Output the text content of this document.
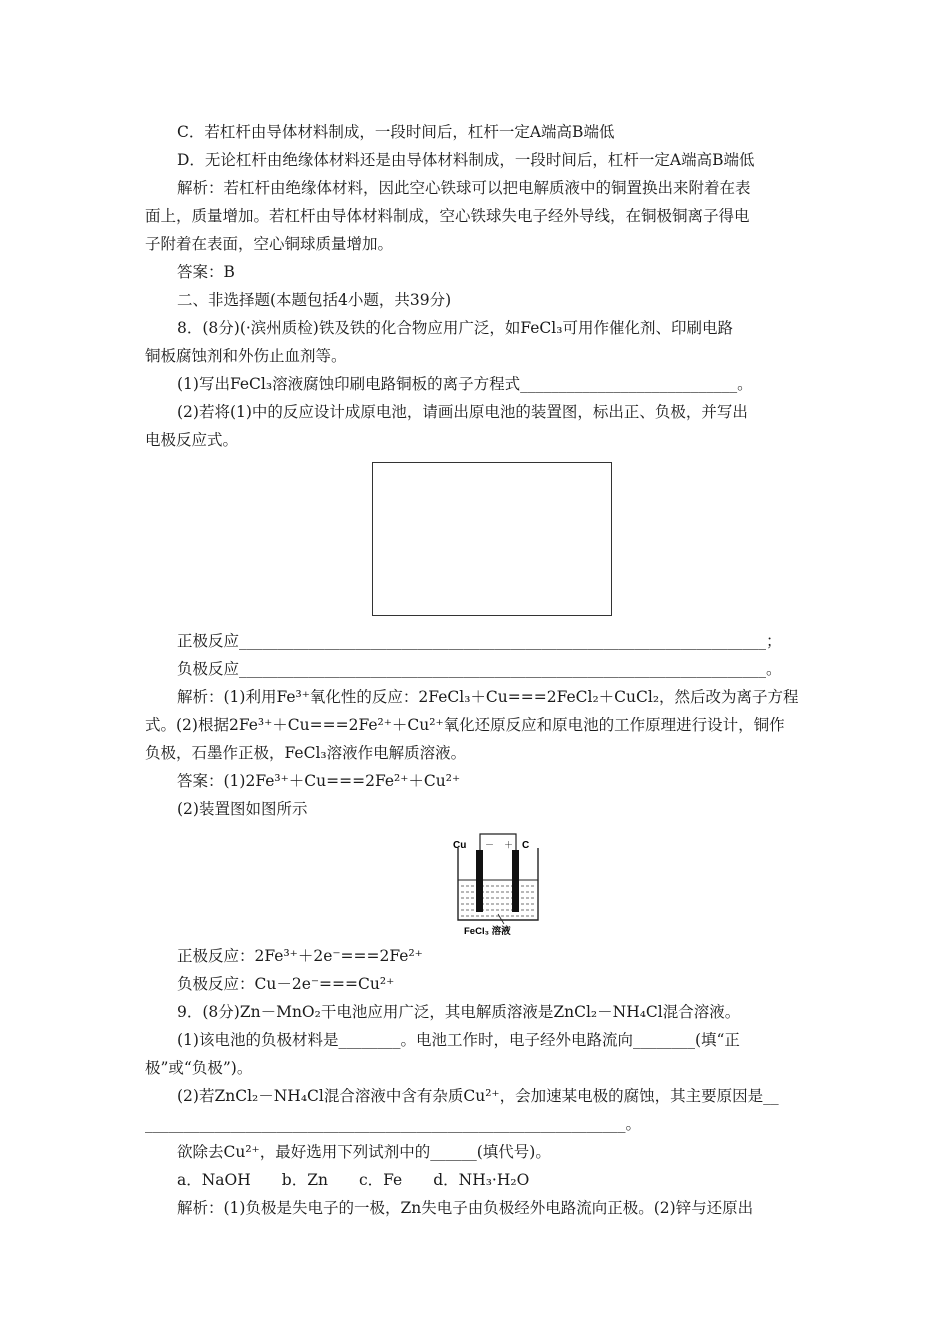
C．若杠杆由导体材料制成，一段时间后，杠杆一定A端高B端低
D．无论杠杆由绝缘体材料还是由导体材料制成，一段时间后，杠杆一定A端高B端低
解析：若杠杆由绝缘体材料，因此空心铁球可以把电解质液中的铜置换出来附着在表
面上，质量增加。若杠杆由导体材料制成，空心铁球失电子经外导线，在铜极铜离子得电
子附着在表面，空心铜球质量增加。
答案：B
二、非选择题(本题包括4小题，共39分)
8．(8分)(·滨州质检)铁及铁的化合物应用广泛，如FeCl₃可用作催化剂、印刷电路
铜板腐蚀剂和外伤止血剂等。
(1)写出FeCl₃溶液腐蚀印刷电路铜板的离子方程式____________________________。
(2)若将(1)中的反应设计成原电池，请画出原电池的装置图，标出正、负极，并写出
电极反应式。
正极反应____________________________________________________________________；
负极反应____________________________________________________________________。
解析：(1)利用Fe³⁺氧化性的反应：2FeCl₃＋Cu===2FeCl₂＋CuCl₂，然后改为离子方程
式。(2)根据2Fe³⁺＋Cu===2Fe²⁺＋Cu²⁺氧化还原反应和原电池的工作原理进行设计，铜作
负极，石墨作正极，FeCl₃溶液作电解质溶液。
答案：(1)2Fe³⁺＋Cu===2Fe²⁺＋Cu²⁺
(2)装置图如图所示
Cu － ＋ C
FeCl₃ 溶液
正极反应：2Fe³⁺＋2e⁻===2Fe²⁺
负极反应：Cu－2e⁻===Cu²⁺
9．(8分)Zn－MnO₂干电池应用广泛，其电解质溶液是ZnCl₂－NH₄Cl混合溶液。
(1)该电池的负极材料是________。电池工作时，电子经外电路流向________(填“正
极”或“负极”)。
(2)若ZnCl₂－NH₄Cl混合溶液中含有杂质Cu²⁺，会加速某电极的腐蚀，其主要原因是__
______________________________________________________________。
欲除去Cu²⁺，最好选用下列试剂中的______(填代号)。
a．NaOH　　b．Zn　　c．Fe　　d．NH₃·H₂O
解析：(1)负极是失电子的一极，Zn失电子由负极经外电路流向正极。(2)锌与还原出
